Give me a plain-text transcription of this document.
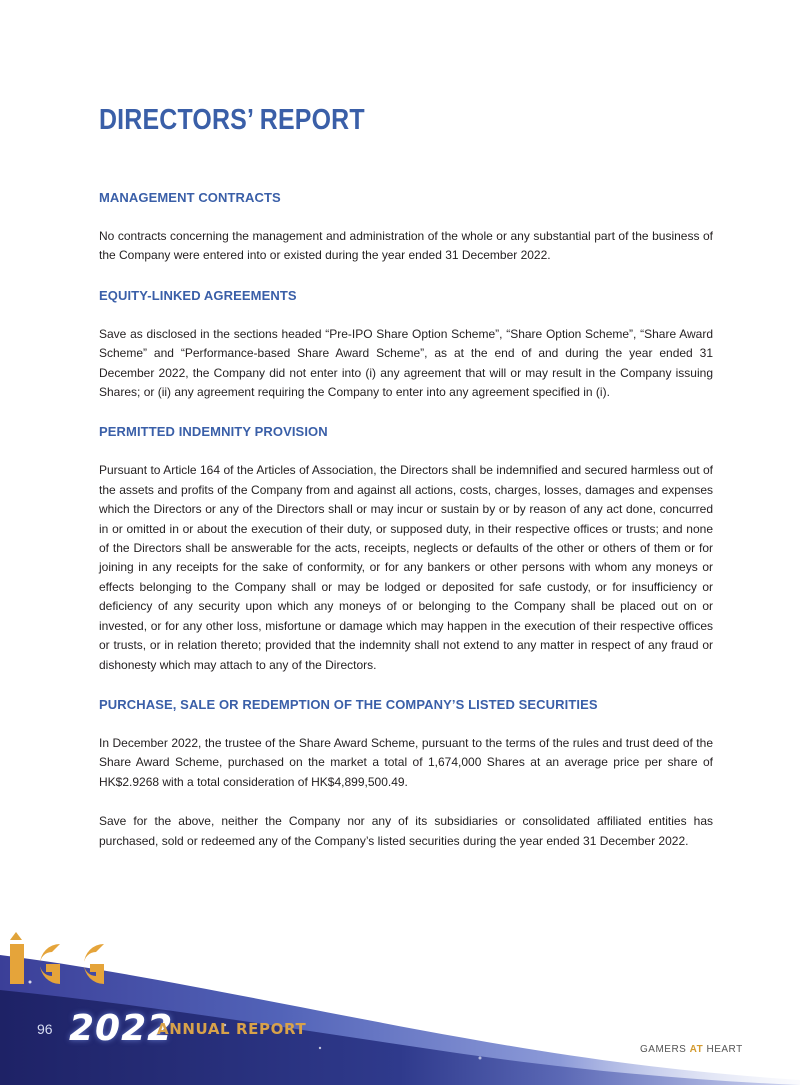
DIRECTORS’ REPORT
MANAGEMENT CONTRACTS

No contracts concerning the management and administration of the whole or any substantial part of the business of the Company were entered into or existed during the year ended 31 December 2022.

EQUITY-LINKED AGREEMENTS

Save as disclosed in the sections headed “Pre-IPO Share Option Scheme”, “Share Option Scheme”, “Share Award Scheme” and “Performance-based Share Award Scheme”, as at the end of and during the year ended 31 December 2022, the Company did not enter into (i) any agreement that will or may result in the Company issuing Shares; or (ii) any agreement requiring the Company to enter into any agreement specified in (i).

PERMITTED INDEMNITY PROVISION

Pursuant to Article 164 of the Articles of Association, the Directors shall be indemnified and secured harmless out of the assets and profits of the Company from and against all actions, costs, charges, losses, damages and expenses which the Directors or any of the Directors shall or may incur or sustain by or by reason of any act done, concurred in or omitted in or about the execution of their duty, or supposed duty, in their respective offices or trusts; and none of the Directors shall be answerable for the acts, receipts, neglects or defaults of the other or others of them or for joining in any receipts for the sake of conformity, or for any bankers or other persons with whom any moneys or effects belonging to the Company shall or may be lodged or deposited for safe custody, or for insufficiency or deficiency of any security upon which any moneys of or belonging to the Company shall be placed out on or invested, or for any other loss, misfortune or damage which may happen in the execution of their respective offices or trusts, or in relation thereto; provided that the indemnity shall not extend to any matter in respect of any fraud or dishonesty which may attach to any of the Directors.

PURCHASE, SALE OR REDEMPTION OF THE COMPANY’S LISTED SECURITIES

In December 2022, the trustee of the Share Award Scheme, pursuant to the terms of the rules and trust deed of the Share Award Scheme, purchased on the market a total of 1,674,000 Shares at an average price per share of HK$2.9268 with a total consideration of HK$4,899,500.49.

Save for the above, neither the Company nor any of its subsidiaries or consolidated affiliated entities has purchased, sold or redeemed any of the Company’s listed securities during the year ended 31 December 2022.

96 2022
ANNUAL REPORT
GAMERS AT HEART
